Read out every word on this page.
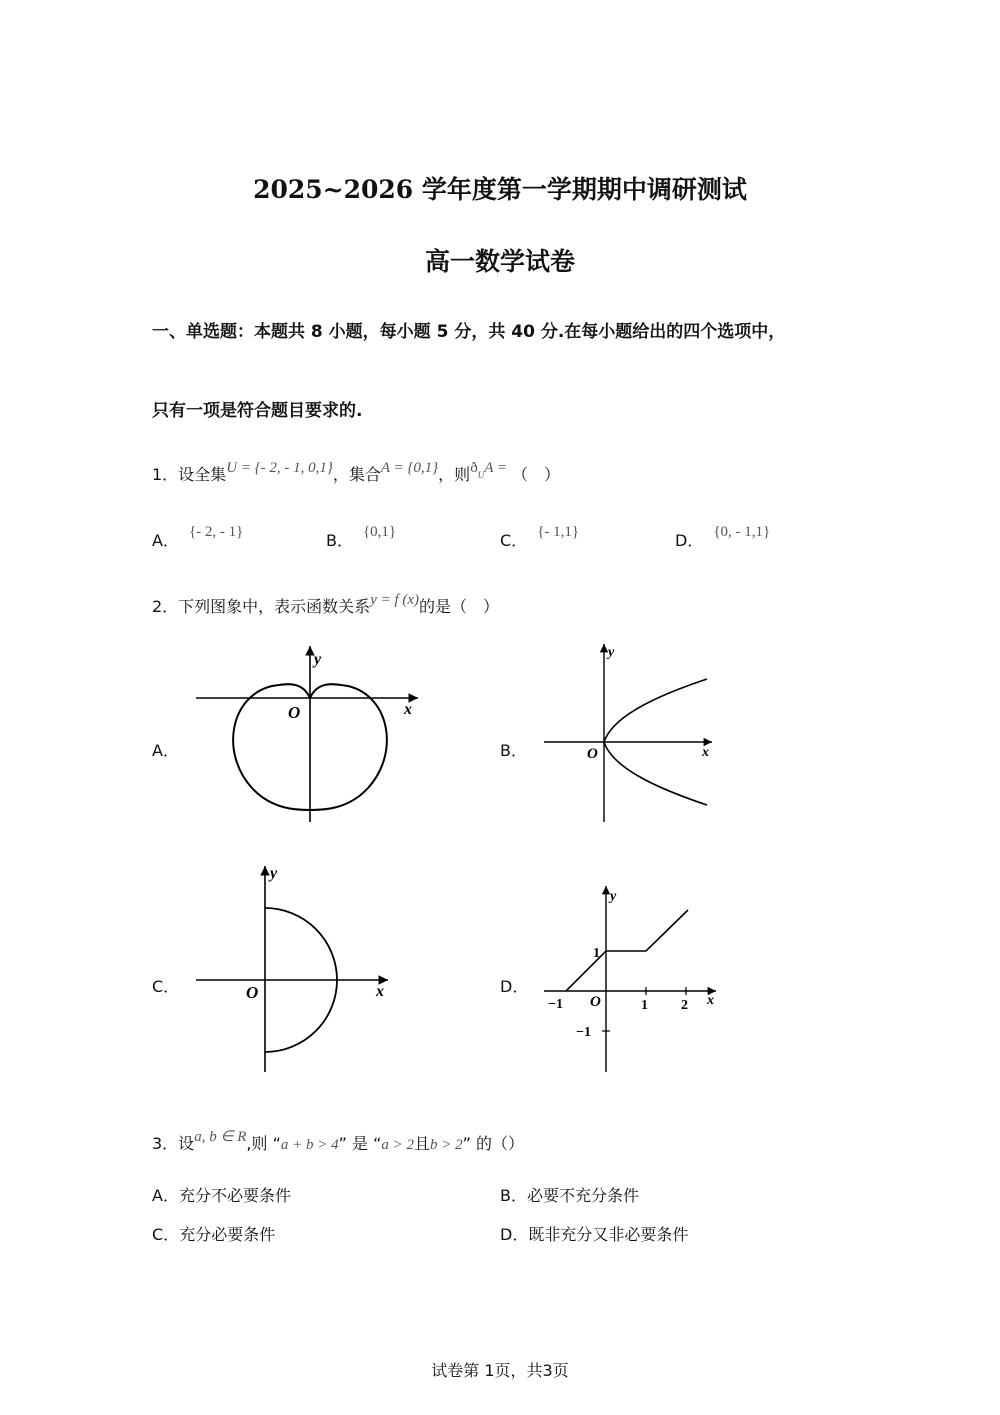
2025~2026 学年度第一学期期中调研测试
高一数学试卷
一、单选题：本题共 8 小题，每小题 5 分，共 40 分.在每小题给出的四个选项中，
只有一项是符合题目要求的.
1．设全集U = {- 2, - 1, 0,1}，集合A = {0,1}，则ðUA = （　）
A． {- 2, - 1}	B． {0,1}	C． {- 1,1}	D． {0, - 1,1}
2．下列图象中，表示函数关系y = f (x)的是（　）
A．	B．
C．	D．
y
x
O
y
x
O
y
x
O
y
x
O
1
−1	1 2
−1
3．设a, b ∈ R,则 “a + b > 4” 是 “a > 2且b > 2” 的（）
A．充分不必要条件	B．必要不充分条件
C．充分必要条件	D．既非充分又非必要条件
试卷第 1页，共3页
